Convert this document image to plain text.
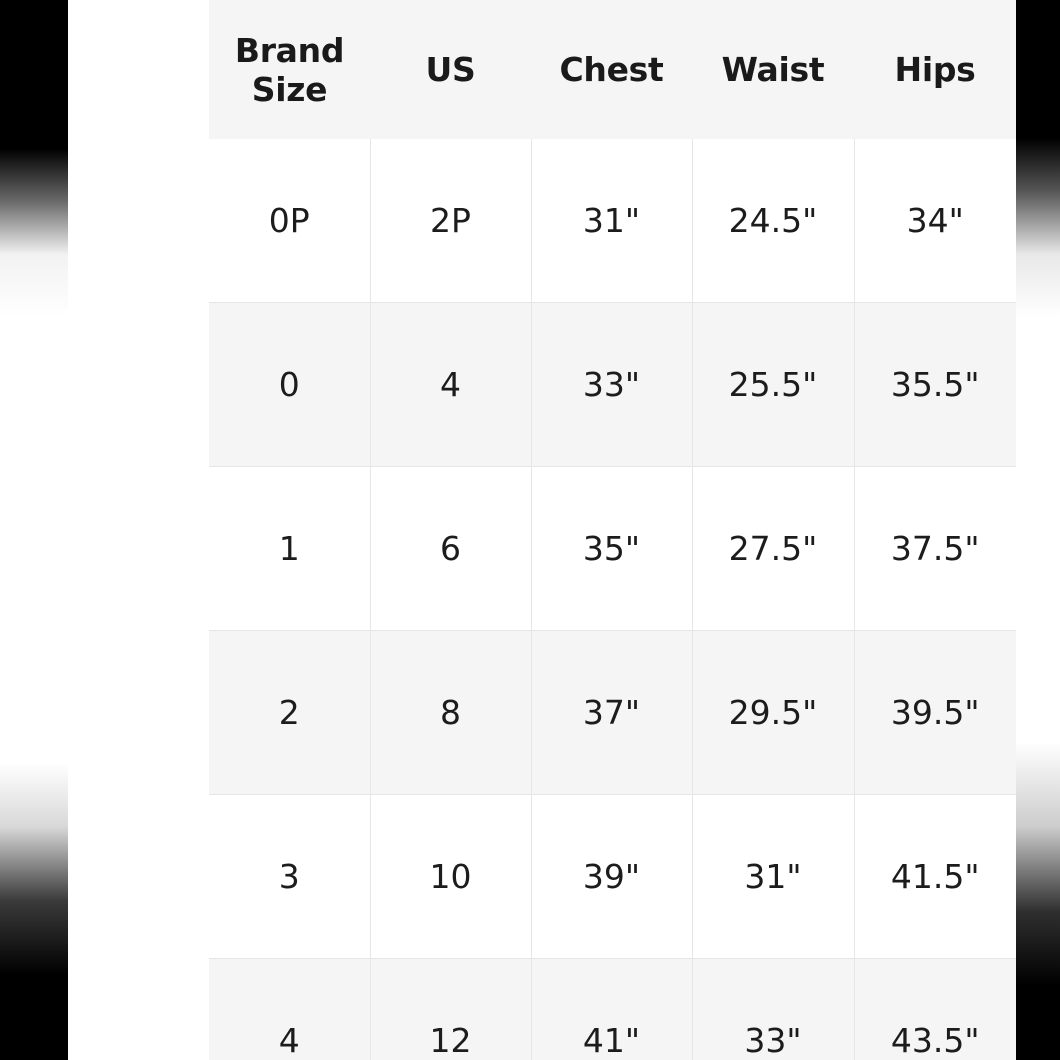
Brand Size	US	Chest	Waist	Hips
0P	2P	31"	24.5"	34"
0	4	33"	25.5"	35.5"
1	6	35"	27.5"	37.5"
2	8	37"	29.5"	39.5"
3	10	39"	31"	41.5"
4	12	41"	33"	43.5"
